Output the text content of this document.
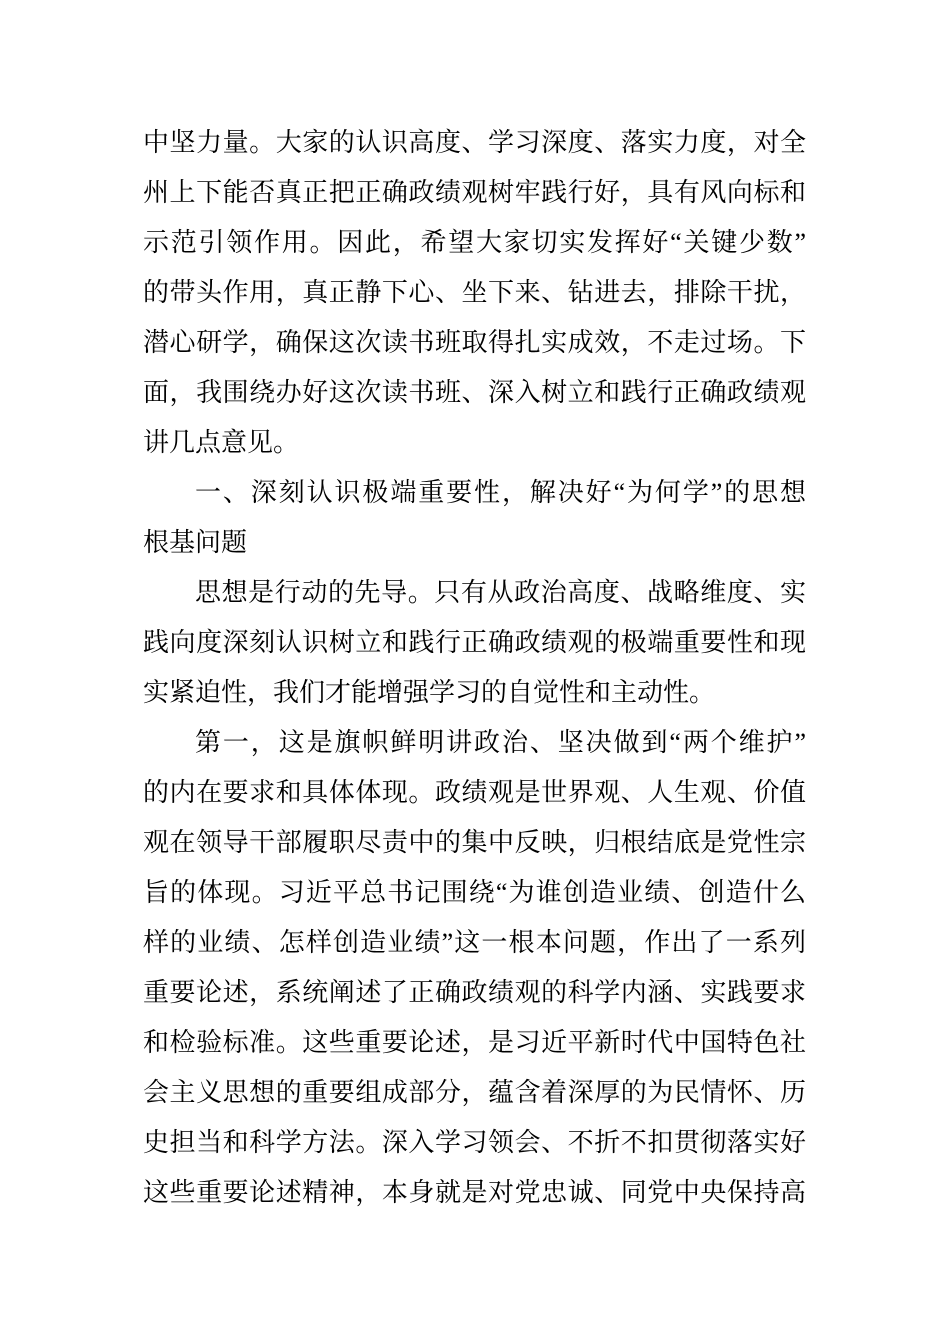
中坚力量。大家的认识高度、学习深度、落实力度，对全
州上下能否真正把正确政绩观树牢践行好，具有风向标和
示范引领作用。因此，希望大家切实发挥好“关键少数”
的带头作用，真正静下心、坐下来、钻进去，排除干扰，
潜心研学，确保这次读书班取得扎实成效，不走过场。下
面，我围绕办好这次读书班、深入树立和践行正确政绩观
讲几点意见。
一、深刻认识极端重要性，解决好“为何学”的思想
根基问题
思想是行动的先导。只有从政治高度、战略维度、实
践向度深刻认识树立和践行正确政绩观的极端重要性和现
实紧迫性，我们才能增强学习的自觉性和主动性。
第一，这是旗帜鲜明讲政治、坚决做到“两个维护”
的内在要求和具体体现。政绩观是世界观、人生观、价值
观在领导干部履职尽责中的集中反映，归根结底是党性宗
旨的体现。习近平总书记围绕“为谁创造业绩、创造什么
样的业绩、怎样创造业绩”这一根本问题，作出了一系列
重要论述，系统阐述了正确政绩观的科学内涵、实践要求
和检验标准。这些重要论述，是习近平新时代中国特色社
会主义思想的重要组成部分，蕴含着深厚的为民情怀、历
史担当和科学方法。深入学习领会、不折不扣贯彻落实好
这些重要论述精神，本身就是对党忠诚、同党中央保持高
